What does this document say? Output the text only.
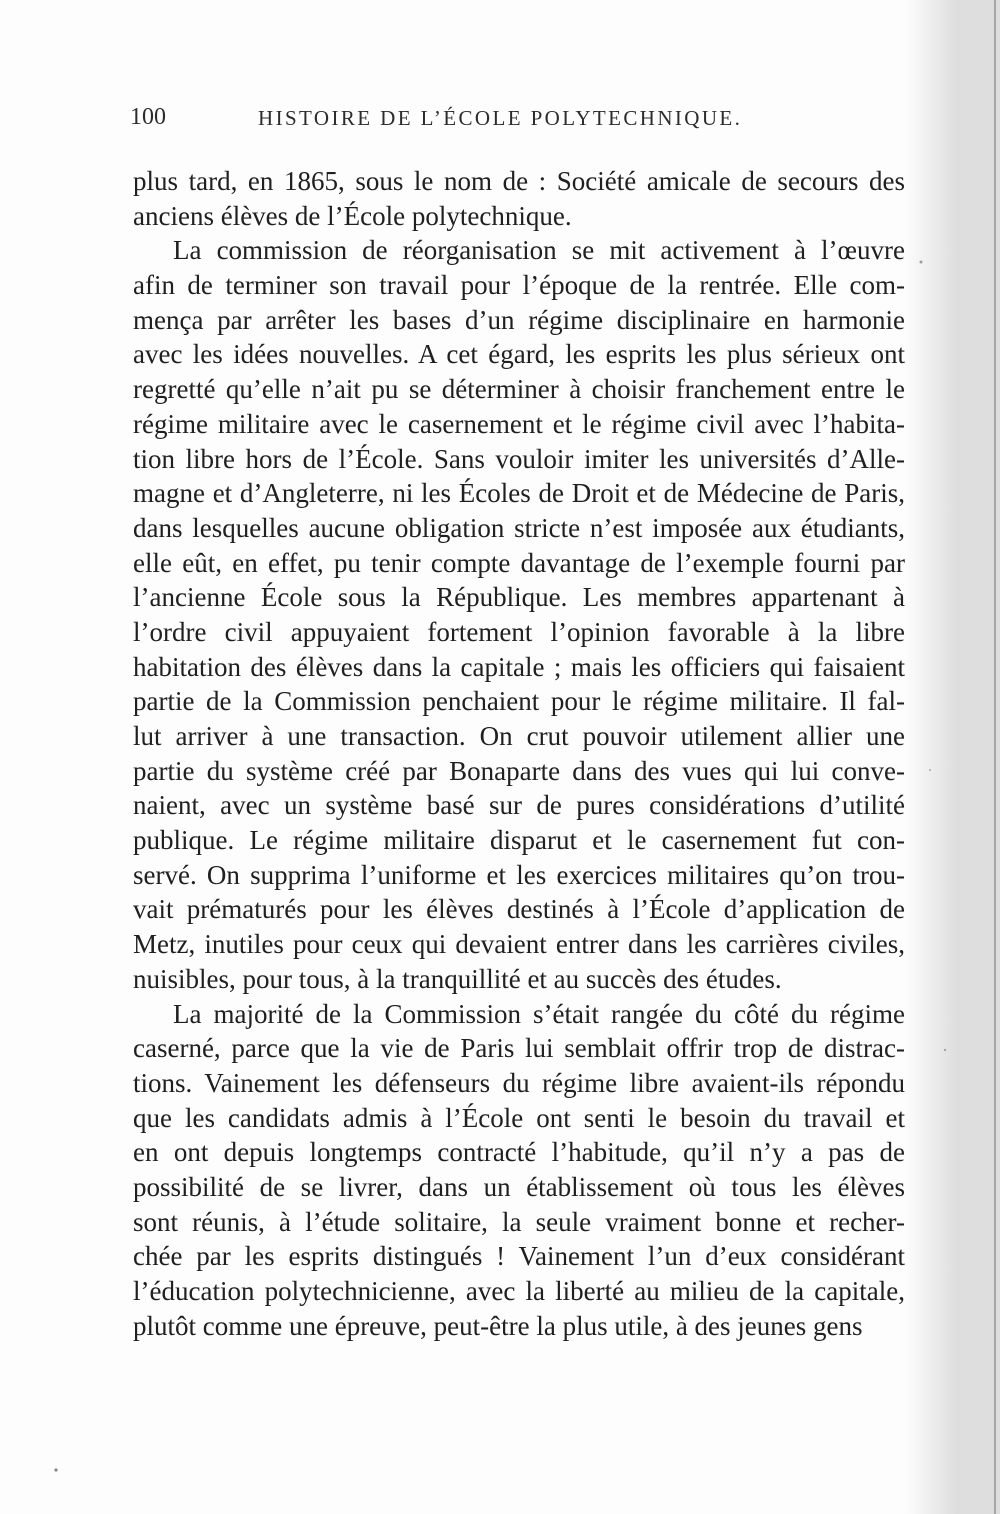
100	HISTOIRE DE L’ÉCOLE POLYTECHNIQUE.
plus tard, en 1865, sous le nom de : Société amicale de secours des
anciens élèves de l’École polytechnique.
La commission de réorganisation se mit activement à l’œuvre
afin de terminer son travail pour l’époque de la rentrée. Elle com-
mença par arrêter les bases d’un régime disciplinaire en harmonie
avec les idées nouvelles. A cet égard, les esprits les plus sérieux ont
regretté qu’elle n’ait pu se déterminer à choisir franchement entre le
régime militaire avec le casernement et le régime civil avec l’habita-
tion libre hors de l’École. Sans vouloir imiter les universités d’Alle-
magne et d’Angleterre, ni les Écoles de Droit et de Médecine de Paris,
dans lesquelles aucune obligation stricte n’est imposée aux étudiants,
elle eût, en effet, pu tenir compte davantage de l’exemple fourni par
l’ancienne École sous la République. Les membres appartenant à
l’ordre civil appuyaient fortement l’opinion favorable à la libre
habitation des élèves dans la capitale ; mais les officiers qui faisaient
partie de la Commission penchaient pour le régime militaire. Il fal-
lut arriver à une transaction. On crut pouvoir utilement allier une
partie du système créé par Bonaparte dans des vues qui lui conve-
naient, avec un système basé sur de pures considérations d’utilité
publique. Le régime militaire disparut et le casernement fut con-
servé. On supprima l’uniforme et les exercices militaires qu’on trou-
vait prématurés pour les élèves destinés à l’École d’application de
Metz, inutiles pour ceux qui devaient entrer dans les carrières civiles,
nuisibles, pour tous, à la tranquillité et au succès des études.
La majorité de la Commission s’était rangée du côté du régime
caserné, parce que la vie de Paris lui semblait offrir trop de distrac-
tions. Vainement les défenseurs du régime libre avaient-ils répondu
que les candidats admis à l’École ont senti le besoin du travail et
en ont depuis longtemps contracté l’habitude, qu’il n’y a pas de
possibilité de se livrer, dans un établissement où tous les élèves
sont réunis, à l’étude solitaire, la seule vraiment bonne et recher-
chée par les esprits distingués ! Vainement l’un d’eux considérant
l’éducation polytechnicienne, avec la liberté au milieu de la capitale,
plutôt comme une épreuve, peut-être la plus utile, à des jeunes gens
